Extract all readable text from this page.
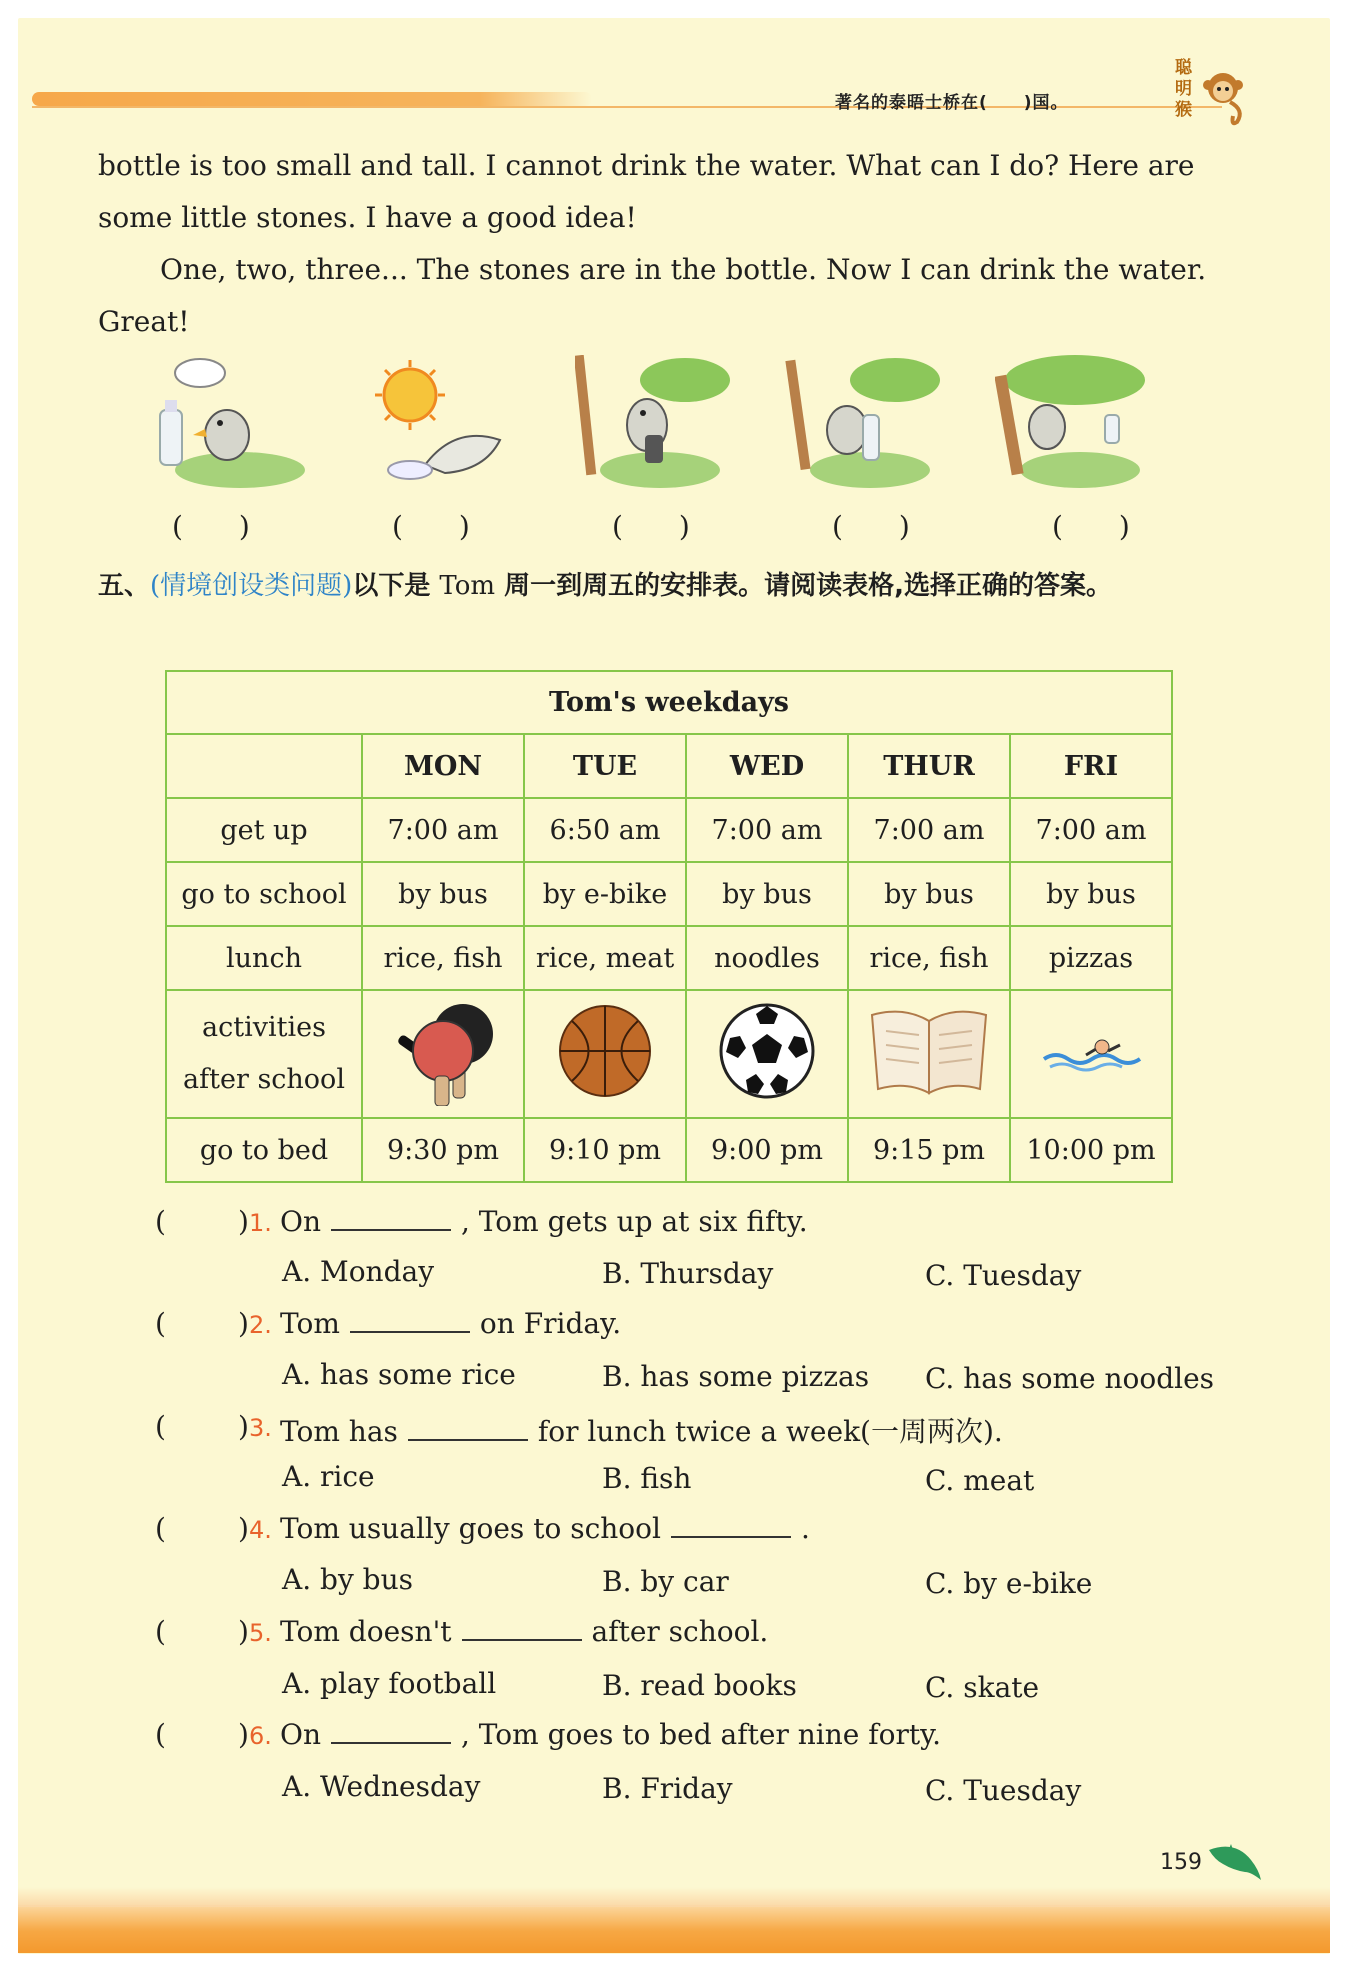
著名的泰晤士桥在(　　)国。
聪明猴
bottle is too small and tall. I cannot drink the water. What can I do? Here are
some little stones. I have a good idea!
One, two, three... The stones are in the bottle. Now I can drink the water.
Great!
(　　)	(　　)	(　　)	(　　)	(　　)
五、(情境创设类问题)以下是 Tom 周一到周五的安排表。请阅读表格,选择正确的答案。
Tom's weekdays					
	MON	TUE	WED	THUR	FRI
get up	7:00 am	6:50 am	7:00 am	7:00 am	7:00 am
go to school	by bus	by e-bike	by bus	by bus	by bus
lunch	rice, fish	rice, meat	noodles	rice, fish	pizzas

activities
after school

go to bed	9:30 pm	9:10 pm	9:00 pm	9:15 pm	10:00 pm
(	)1. On	, Tom gets up at six fifty.
A. Monday	B. Thursday	C. Tuesday
(	)2. Tom	on Friday.
A. has some rice	B. has some pizzas C. has some noodles
(	)3. Tom has	for lunch twice a week(一周两次).
A. rice	B. fish	C. meat
(	)4. Tom usually goes to school	.
A. by bus	B. by car	C. by e-bike
(	)5. Tom doesn't	after school.
A. play football	B. read books	C. skate
(	)6. On	, Tom goes to bed after nine forty.
A. Wednesday	B. Friday	C. Tuesday
159
